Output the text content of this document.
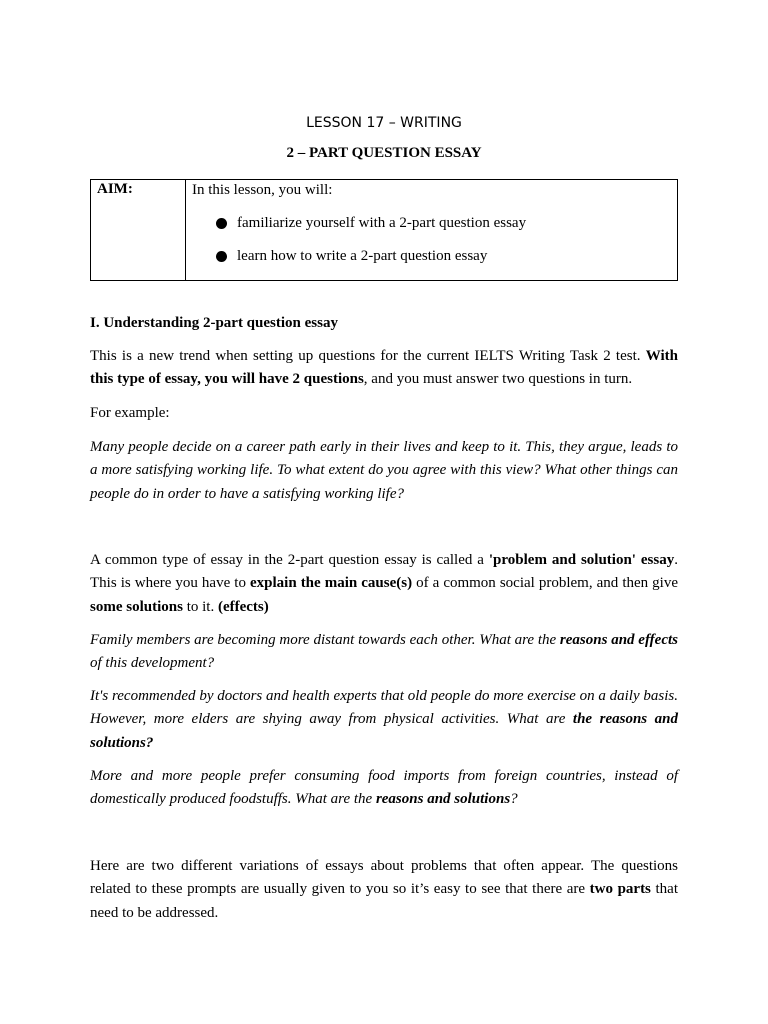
LESSON 17 – WRITING
2 – PART QUESTION ESSAY
AIM:	In this lesson, you will:
familiarize yourself with a 2-part question essay
learn how to write a 2-part question essay

I. Understanding 2-part question essay

This is a new trend when setting up questions for the current IELTS Writing Task 2 test. With this type of essay, you will have 2 questions, and you must answer two questions in turn.

For example:

Many people decide on a career path early in their lives and keep to it. This, they argue, leads to a more satisfying working life. To what extent do you agree with this view? What other things can people do in order to have a satisfying working life?

A common type of essay in the 2-part question essay is called a 'problem and solution' essay. This is where you have to explain the main cause(s) of a common social problem, and then give some solutions to it. (effects)

Family members are becoming more distant towards each other. What are the reasons and effects of this development?

It's recommended by doctors and health experts that old people do more exercise on a daily basis. However, more elders are shying away from physical activities. What are the reasons and solutions?

More and more people prefer consuming food imports from foreign countries, instead of domestically produced foodstuffs. What are the reasons and solutions?

Here are two different variations of essays about problems that often appear. The questions related to these prompts are usually given to you so it’s easy to see that there are two parts that need to be addressed.
